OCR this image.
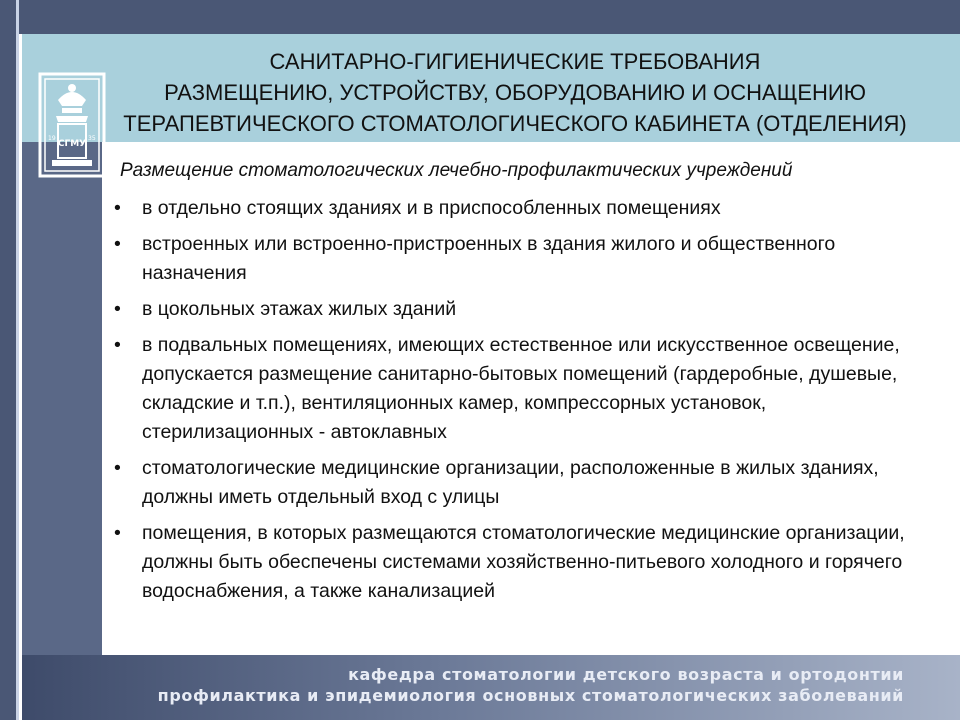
САНИТАРНО-ГИГИЕНИЧЕСКИЕ ТРЕБОВАНИЯ
РАЗМЕЩЕНИЮ, УСТРОЙСТВУ, ОБОРУДОВАНИЮ И ОСНАЩЕНИЮ
ТЕРАПЕВТИЧЕСКОГО СТОМАТОЛОГИЧЕСКОГО КАБИНЕТА (ОТДЕЛЕНИЯ)
СГМУ
19	35
Размещение стоматологических лечебно-профилактических учреждений
• в отдельно стоящих зданиях и в приспособленных помещениях
• встроенных или встроенно-пристроенных в здания жилого и общественного назначения
• в цокольных этажах жилых зданий
• в подвальных помещениях, имеющих естественное или искусственное освещение, допускается размещение санитарно-бытовых помещений (гардеробные, душевые, складские и т.п.), вентиляционных камер, компрессорных установок, стерилизационных - автоклавных
• стоматологические медицинские организации, расположенные в жилых зданиях, должны иметь отдельный вход с улицы
• помещения, в которых размещаются стоматологические медицинские организации, должны быть обеспечены системами хозяйственно-питьевого холодного и горячего водоснабжения, а также канализацией
кафедра стоматологии детского возраста и ортодонтии
профилактика и эпидемиология основных стоматологических заболеваний
